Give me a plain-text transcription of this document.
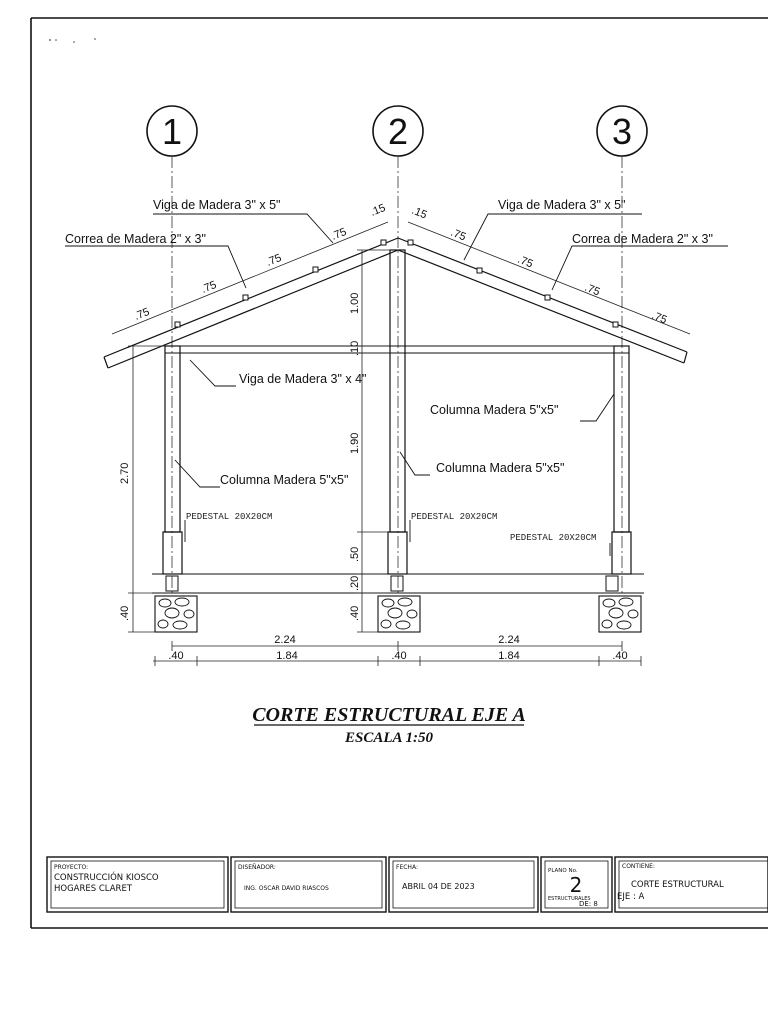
1	2	3
.75
.75
.75
.75
.15 .15
.75
.75
.75
.75
2.70
.40
1.00
.10
1.90
.50
.20
.40
2.24	2.24
.40	1.84	.40	1.84	.40
Viga de Madera 3" x 5"
Correa de Madera 2" x 3"
Viga de Madera 3" x 5"
Correa de Madera 2" x 3"
Viga de Madera 3" x 4"
Columna Madera 5"x5"
Columna Madera 5"x5"
Columna Madera 5"x5"
PEDESTAL 20X20CM	PEDESTAL 20X20CM
PEDESTAL 20X20CM
CORTE ESTRUCTURAL EJE A
ESCALA 1:50
PROYECTO:
CONSTRUCCIÓN KIOSCO
HOGARES CLARET
DISEÑADOR:
ING. OSCAR DAVID RIASCOS
FECHA:
ABRIL 04 DE 2023
PLANO No.
2
ESTRUCTURALES
DE: 8
CONTIENE:
CORTE ESTRUCTURAL
EJE : A
